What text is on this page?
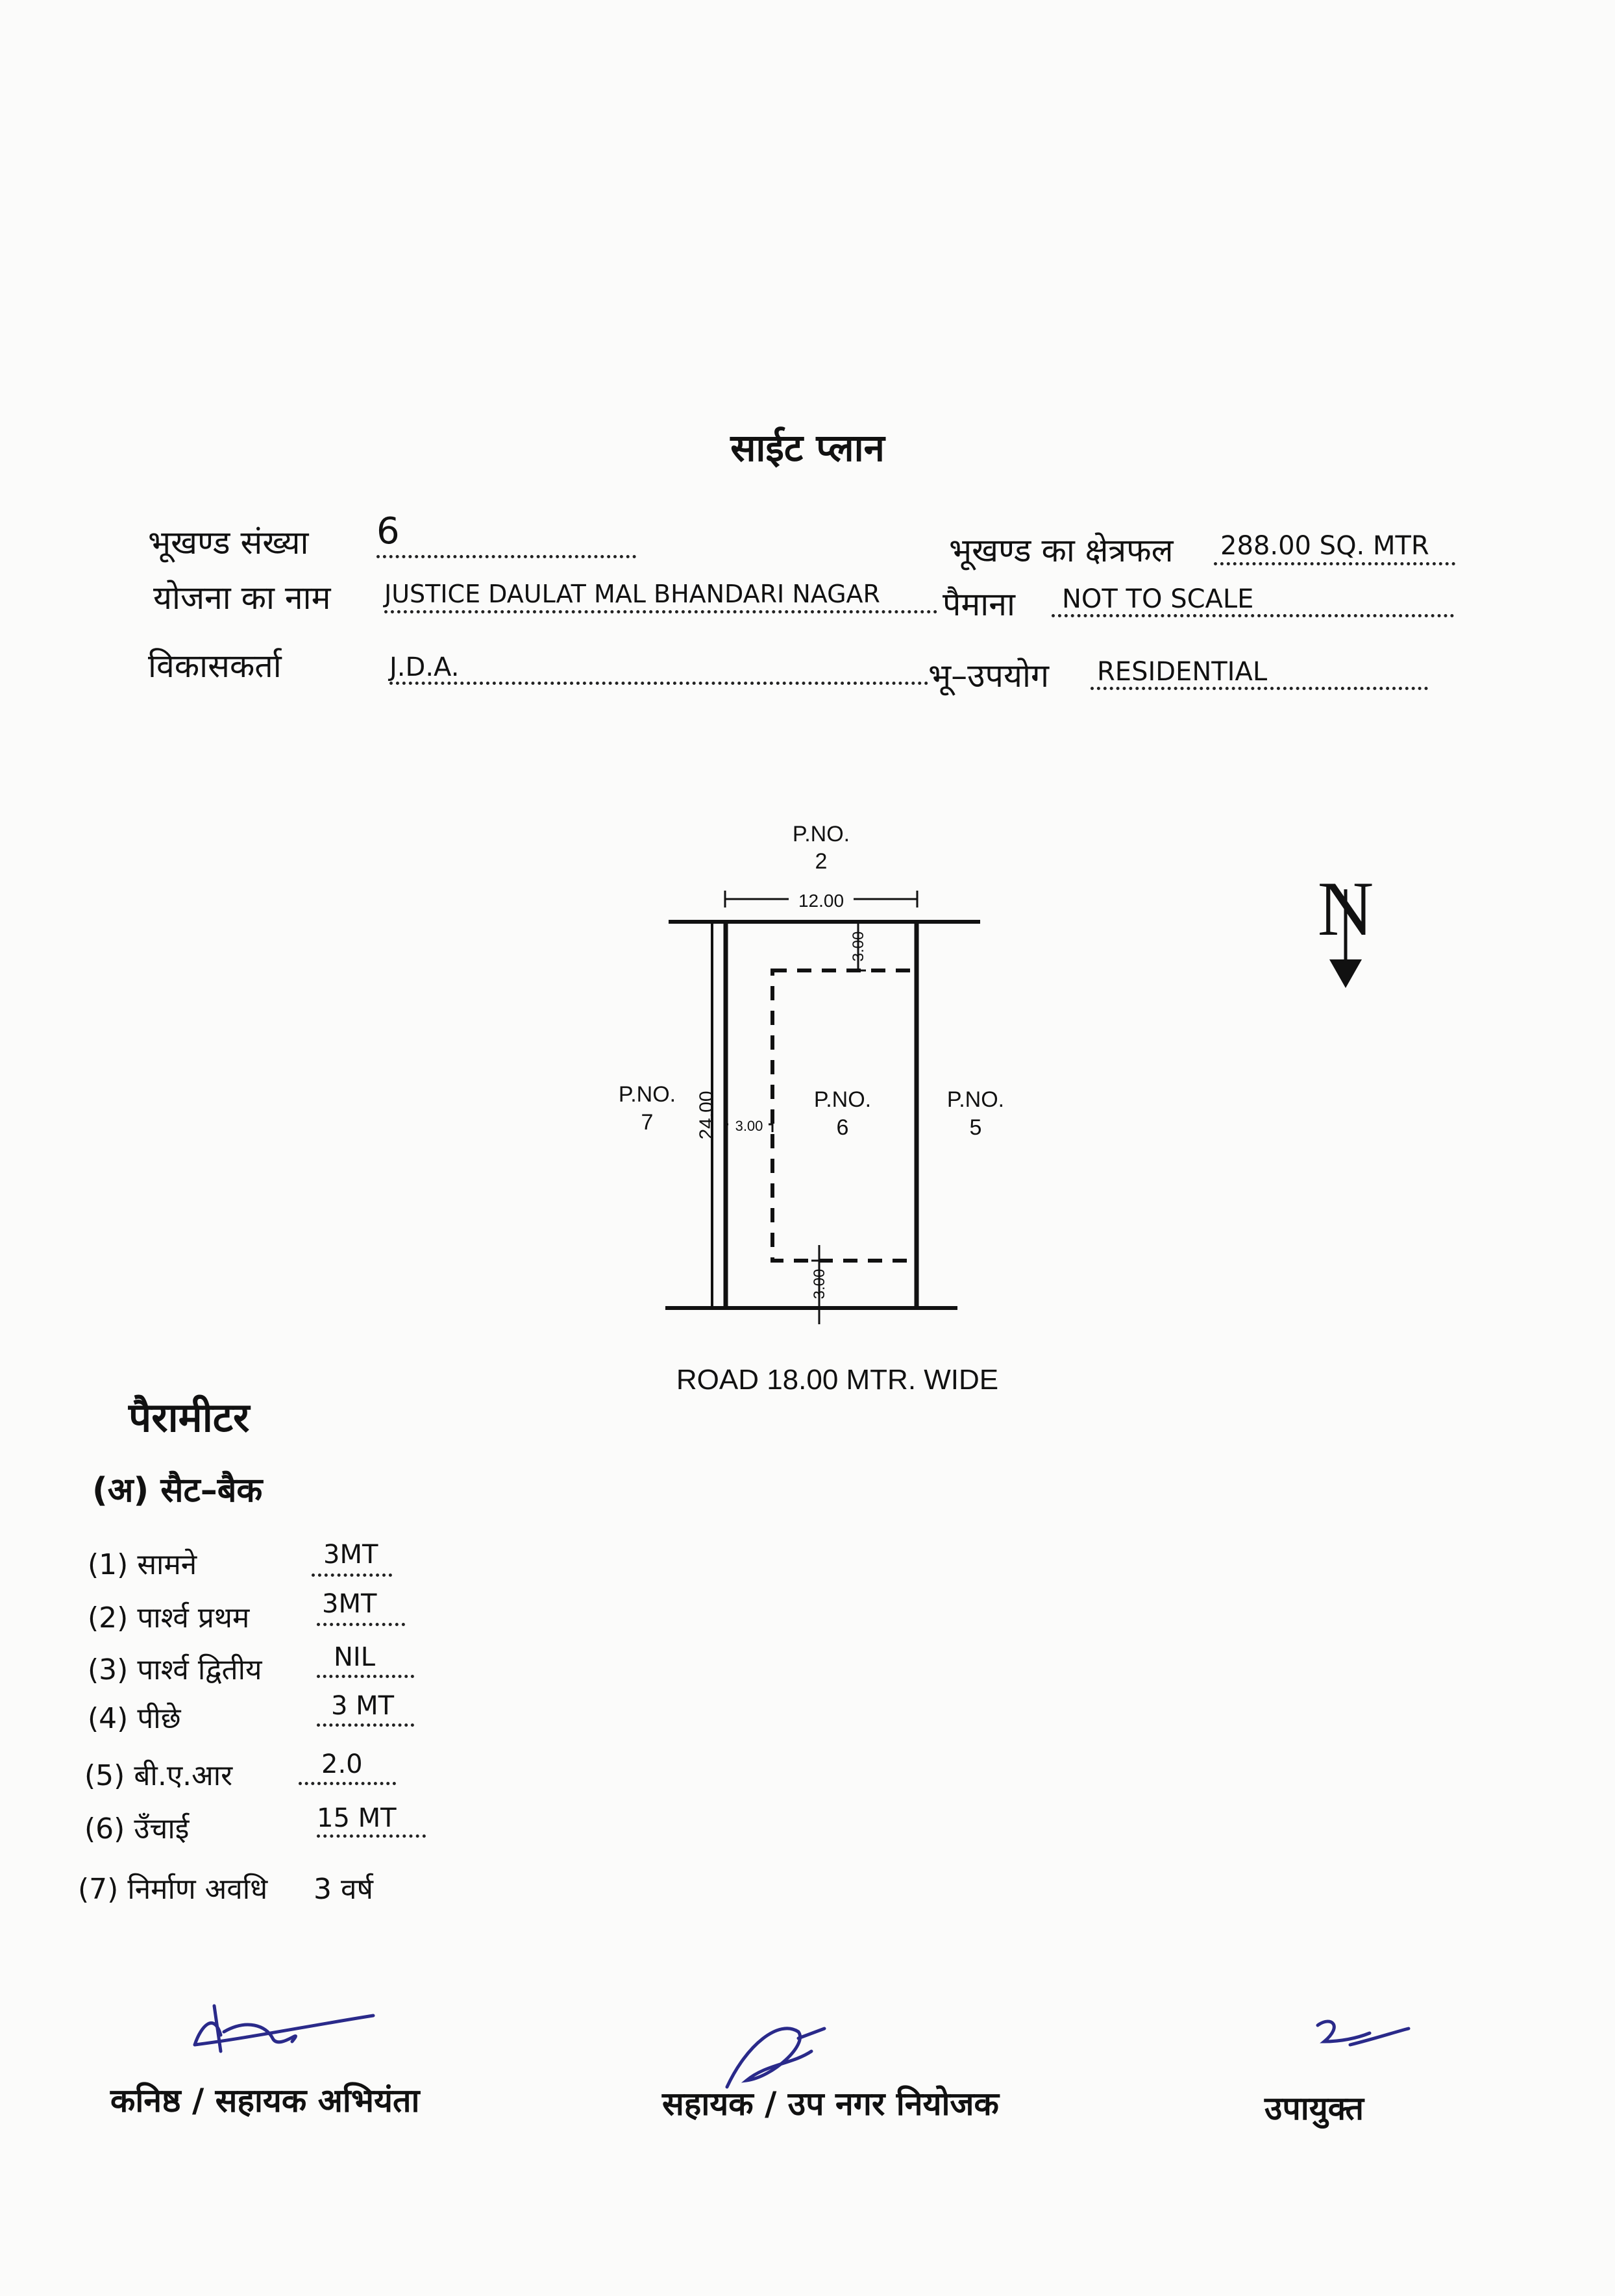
साईट प्लान
भूखण्ड संख्या 6	भूखण्ड का क्षेत्रफल 288.00 SQ. MTR
योजना का नाम JUSTICE DAULAT MAL BHANDARI NAGAR पैमाना NOT TO SCALE
विकासकर्ता	J.D.A.	भू–उपयोग RESIDENTIAL
P.NO.
2
12.00
3.00
3.00
24.00 3.00
P.NO.
7
P.NO.
6
P.NO.
5
N
ROAD 18.00 MTR. WIDE
पैरामीटर
(अ) सैट–बैक
(1) सामने	3MT
(2) पार्श्व प्रथम	3MT
(3) पार्श्व द्वितीय	NIL
(4) पीछे	3 MT
(5) बी.ए.आर	2.0
(6) उँचाई	15 MT
(7) निर्माण अवधि 3 वर्ष
कनिष्ठ / सहायक अभियंता	सहायक / उप नगर नियोजक	उपायुक्त
